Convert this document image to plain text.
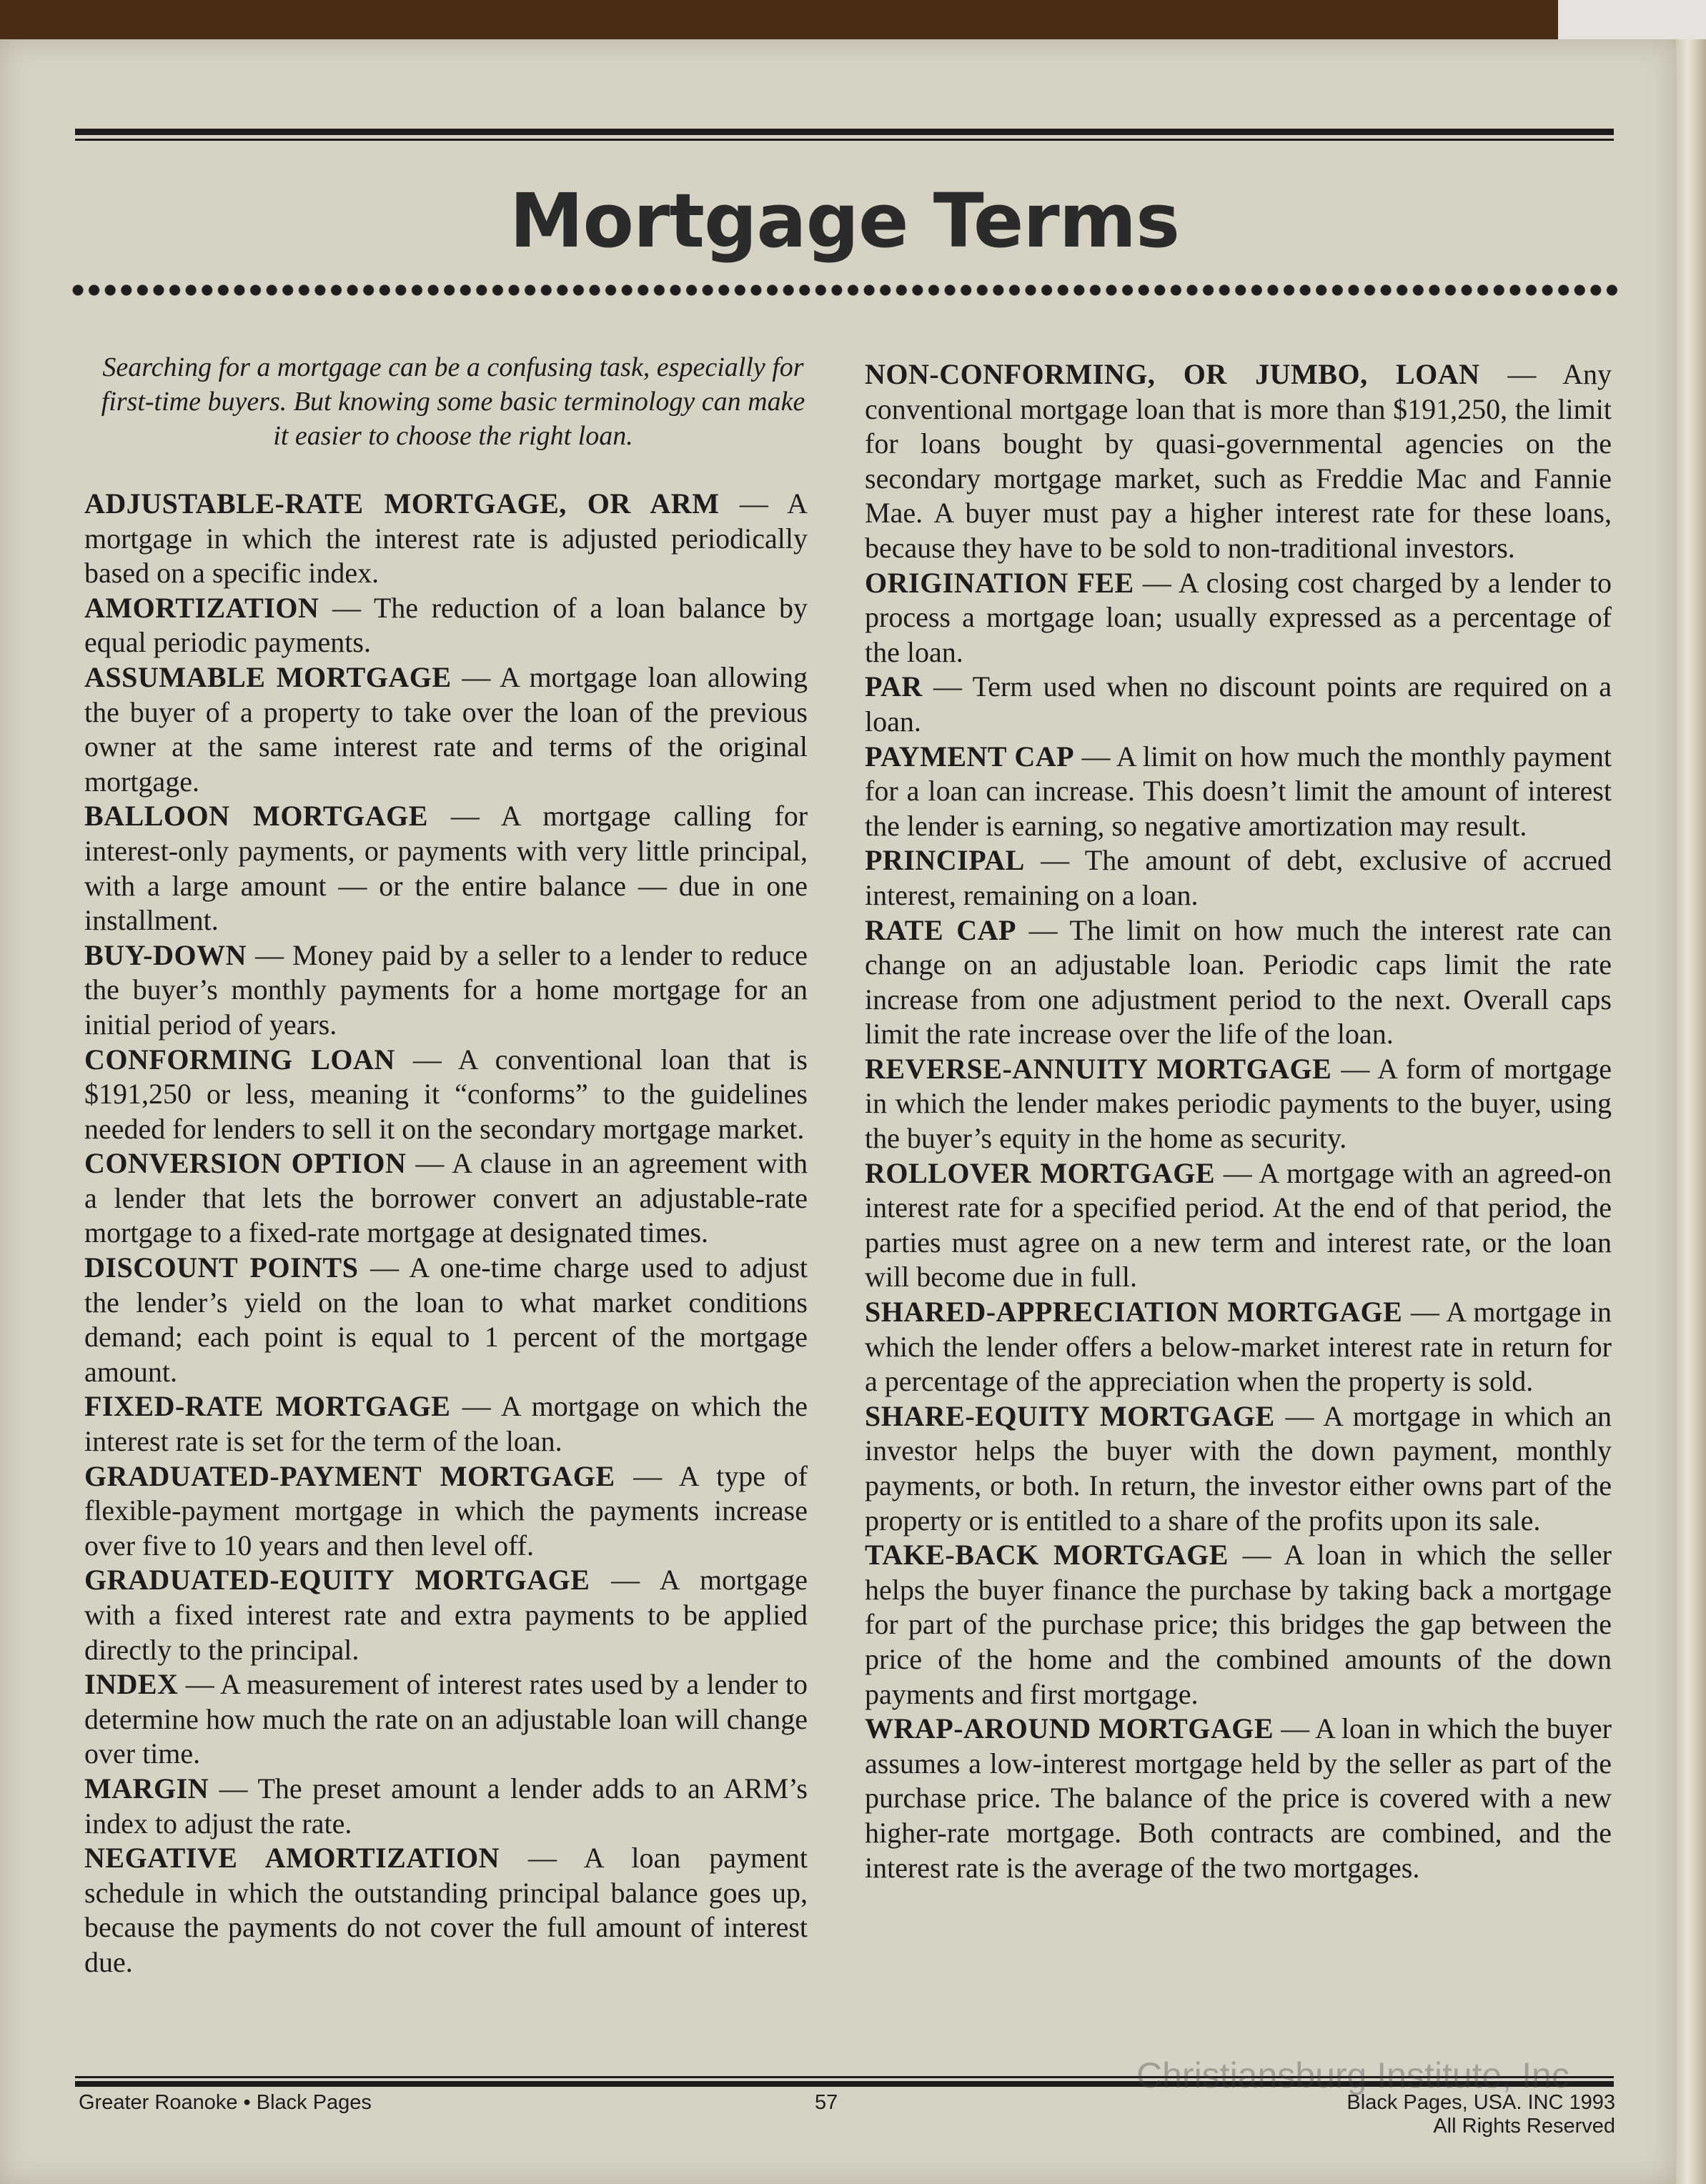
Mortgage Terms

Searching for a mortgage can be a confusing task, especially for first-time buyers. But knowing some basic terminology can make it easier to choose the right loan.

ADJUSTABLE-RATE MORTGAGE, OR ARM — A mortgage in which the interest rate is adjusted periodically based on a specific index.

AMORTIZATION — The reduction of a loan balance by equal periodic payments.

ASSUMABLE MORTGAGE — A mortgage loan allowing the buyer of a property to take over the loan of the previous owner at the same interest rate and terms of the original mortgage.

BALLOON MORTGAGE — A mortgage calling for interest-only payments, or payments with very little principal, with a large amount — or the entire balance — due in one installment.

BUY-DOWN — Money paid by a seller to a lender to reduce the buyer’s monthly payments for a home mortgage for an initial period of years.

CONFORMING LOAN — A conventional loan that is $191,250 or less, meaning it “conforms” to the guidelines needed for lenders to sell it on the secondary mortgage market.

CONVERSION OPTION — A clause in an agreement with a lender that lets the borrower convert an adjustable-rate mortgage to a fixed-rate mortgage at designated times.

DISCOUNT POINTS — A one-time charge used to adjust the lender’s yield on the loan to what market conditions demand; each point is equal to 1 percent of the mortgage amount.

FIXED-RATE MORTGAGE — A mortgage on which the interest rate is set for the term of the loan.

GRADUATED-PAYMENT MORTGAGE — A type of flexible-payment mortgage in which the payments increase over five to 10 years and then level off.

GRADUATED-EQUITY MORTGAGE — A mortgage with a fixed interest rate and extra payments to be applied directly to the principal.

INDEX — A measurement of interest rates used by a lender to determine how much the rate on an adjustable loan will change over time.

MARGIN — The preset amount a lender adds to an ARM’s index to adjust the rate.

NEGATIVE AMORTIZATION — A loan payment schedule in which the outstanding principal balance goes up, because the payments do not cover the full amount of interest due.

NON-CONFORMING, OR JUMBO, LOAN — Any conventional mortgage loan that is more than $191,250, the limit for loans bought by quasi-governmental agencies on the secondary mortgage market, such as Freddie Mac and Fannie Mae. A buyer must pay a higher interest rate for these loans, because they have to be sold to non-traditional investors.

ORIGINATION FEE — A closing cost charged by a lender to process a mortgage loan; usually expressed as a percentage of the loan.

PAR — Term used when no discount points are required on a loan.

PAYMENT CAP — A limit on how much the monthly payment for a loan can increase. This doesn’t limit the amount of interest the lender is earning, so negative amortization may result.

PRINCIPAL — The amount of debt, exclusive of accrued interest, remaining on a loan.

RATE CAP — The limit on how much the interest rate can change on an adjustable loan. Periodic caps limit the rate increase from one adjustment period to the next. Overall caps limit the rate increase over the life of the loan.

REVERSE-ANNUITY MORTGAGE — A form of mortgage in which the lender makes periodic payments to the buyer, using the buyer’s equity in the home as security.

ROLLOVER MORTGAGE — A mortgage with an agreed-on interest rate for a specified period. At the end of that period, the parties must agree on a new term and interest rate, or the loan will become due in full.

SHARED-APPRECIATION MORTGAGE — A mortgage in which the lender offers a below-market interest rate in return for a percentage of the appreciation when the property is sold.

SHARE-EQUITY MORTGAGE — A mortgage in which an investor helps the buyer with the down payment, monthly payments, or both. In return, the investor either owns part of the property or is entitled to a share of the profits upon its sale.

TAKE-BACK MORTGAGE — A loan in which the seller helps the buyer finance the purchase by taking back a mortgage for part of the purchase price; this bridges the gap between the price of the home and the combined amounts of the down payments and first mortgage.

WRAP-AROUND MORTGAGE — A loan in which the buyer assumes a low-interest mortgage held by the seller as part of the purchase price. The balance of the price is covered with a new higher-rate mortgage. Both contracts are combined, and the interest rate is the average of the two mortgages.

Greater Roanoke • Black Pages	57	Black Pages, USA. INC 1993
All Rights Reserved
Christiansburg Institute, Inc
